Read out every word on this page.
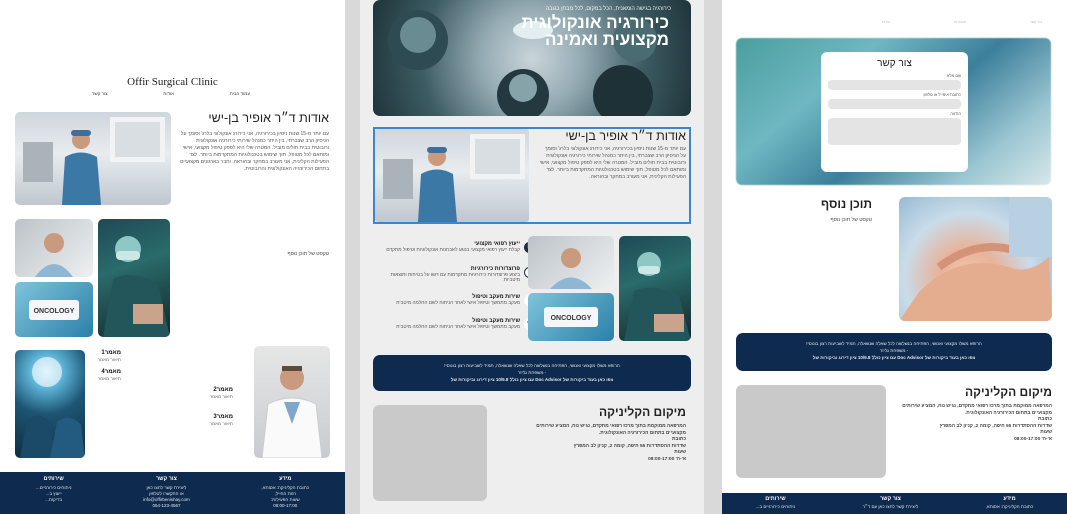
Offir Surgical Clinic
צור קשר	אודות	עמוד הבית
אודות ד״ר אופיר בן-ישי

עם יותר מ-15 שנות ניסיון בכירורגיה, אני כירורג אונקולוגי בלרג' וסומך על הניסיון הרב שצברתי, בין היתר כמנהל שירותי כירורגיה אונקולוגית ורובוטית בבית חולים מוביל. המטרה שלי היא לספק טיפול מקצועי, אישי ומותאם לכל מטופל, תוך שימוש בטכנולוגיות המתקדמות ביותר. לצד הפעילות הקלינית, אני מעורב במחקר ובהוראה, וחבר בארגונים מקצועיים בתחום הכירורגיה האונקולוגית והרובוטית.

ONCOLOGY
טקסט של תוכן נוסף
מאמר1
תיאור מאמר
מאמר4
תיאור מאמר
מאמר2
תיאור מאמר
מאמר3
תיאור מאמר
מידע
כתובת הקליניקה: אסותא,
רמת החייל,
שעות הפעילות:
08:00-17:00
צור קשר
ליצירת קשר לחצו כאן
או התקשרו לטלפון
info@offirbenishay.com
054-123-4567
שירותים
ניתוחים כירורגיים...
ייעוץ ב...
בדיקות...
כירורגיה בגישה הומאנית, הכל במקום, לכל מבחן בגובה
כירורגיה אונקולוגית מקצועית ואמינה
אודות ד״ר אופיר בן-ישי

עם יותר מ-15 שנות ניסיון בכירורגיה, אני כירורג אונקולוגי בלרג' וסומך על הניסיון הרב שצברתי, בין היתר כמנהל שירותי כירורגיה אונקולוגית ורובוטית בבית חולים מוביל. המטרה שלי היא לספק טיפול מקצועי, אישי ומותאם לכל מטופל, תוך שימוש בטכנולוגיות המתקדמות ביותר. לצד הפעילות הקלינית, אני מעורב במחקר ובהוראה.

ייעוץ רפואי מקצועי
קבלת ייעוץ רפואי מקצועי בנוגע לאבחנות אונקולוגיות וטיפול מתקדם
פרוצדורות כירורגיות
ביצוע פרוצדורות כירורגיות מתקדמות עם דגש על בטיחות ותוצאות מיטביות
שירות מעקב וטיפול
מעקב מתמשך וטיפול אישי לאחר הניתוח לשם החלמה מיטבית
שירות מעקב וטיפול
מעקב מתמשך וטיפול אישי לאחר הניתוח לשם החלמה מיטבית
ONCOLOGY
הרופא משלו מקצועי ואנושי, הפתיחה בנשלשה לכל שאלה שנשאלה, תמיד לשביעות רצון בונוסי!
- משפחת גליזר
צפו כאן בעוד ביקורות של Doc Advisor עם ציון כולל 10/9.8 ציון דירוג וביקורות של
מיקום הקליניקה
המרפאה ממוקמת בתוך מרכז רפואי מתקדם, נגיש נוח, המציע שירותים מקצועיים בתחום הכירורגיה האונקולוגית.
כתובת
שדרות ההסתדרות 55 חיפה, קומה 2, קניון לב המפרץ
שעות
א'-ה' 08:00-17:00
אודות	מאמרים	צור קשר
צור קשר
שם מלא
כתובת אימייל או טלפון
הודעה
תוכן נוסף
טקסט של תוכן נוסף
הרופא משלו מקצועי ואנושי, הפתיחה בנשלשה לכל שאלה שנשאלה, תמיד לשביעות רצון בונוסי!
- משפחת גליזר
צפו כאן בעוד ביקורות של Doc Advisor עם ציון כולל 10/9.8 ציון דירוג וביקורות של
מיקום הקליניקה
המרפאה ממוקמת בתוך מרכז רפואי מתקדם, נגיש נוח, המציע שירותים מקצועיים בתחום הכירורגיה האונקולוגית.
כתובת
שדרות ההסתדרות 55 חיפה, קומה 2, קניון לב המפרץ
שעות
א'-ה' 08:00-17:00
מידע
כתובת הקליניקה: אסותא,
צור קשר
ליצירת קשר לחצו כאן עם ד״ר
שירותים
ניתוחים כירורגיים ב...
